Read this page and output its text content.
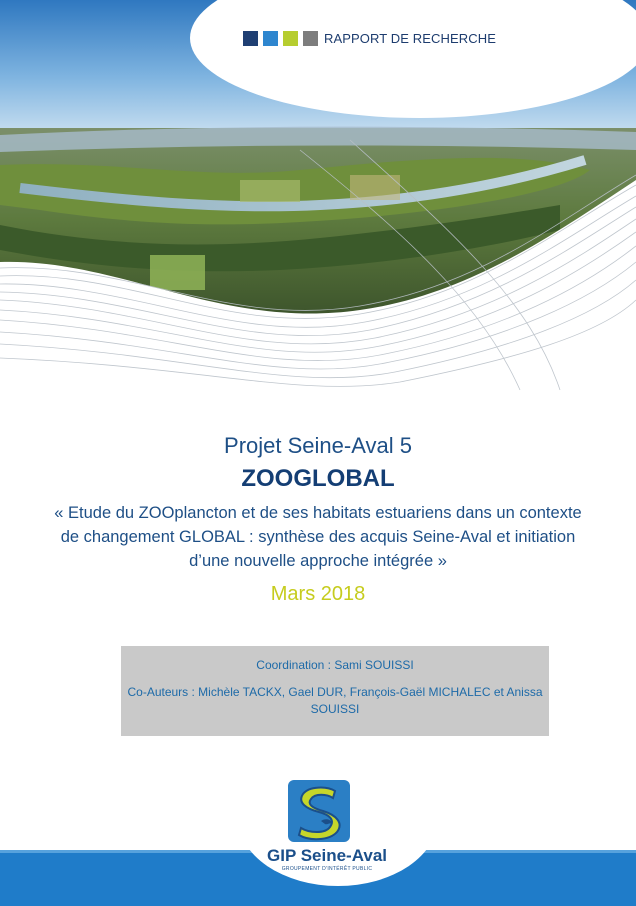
RAPPORT DE RECHERCHE
Projet Seine-Aval 5
ZOOGLOBAL
« Etude du ZOOplancton et de ses habitats estuariens dans un contexte de changement GLOBAL : synthèse des acquis Seine-Aval et initiation d’une nouvelle approche intégrée »
Mars 2018
Coordination : Sami SOUISSI
Co-Auteurs : Michèle TACKX, Gael DUR, François-Gaël MICHALEC et Anissa SOUISSI
GIP Seine-Aval
GROUPEMENT D'INTÉRÊT PUBLIC
